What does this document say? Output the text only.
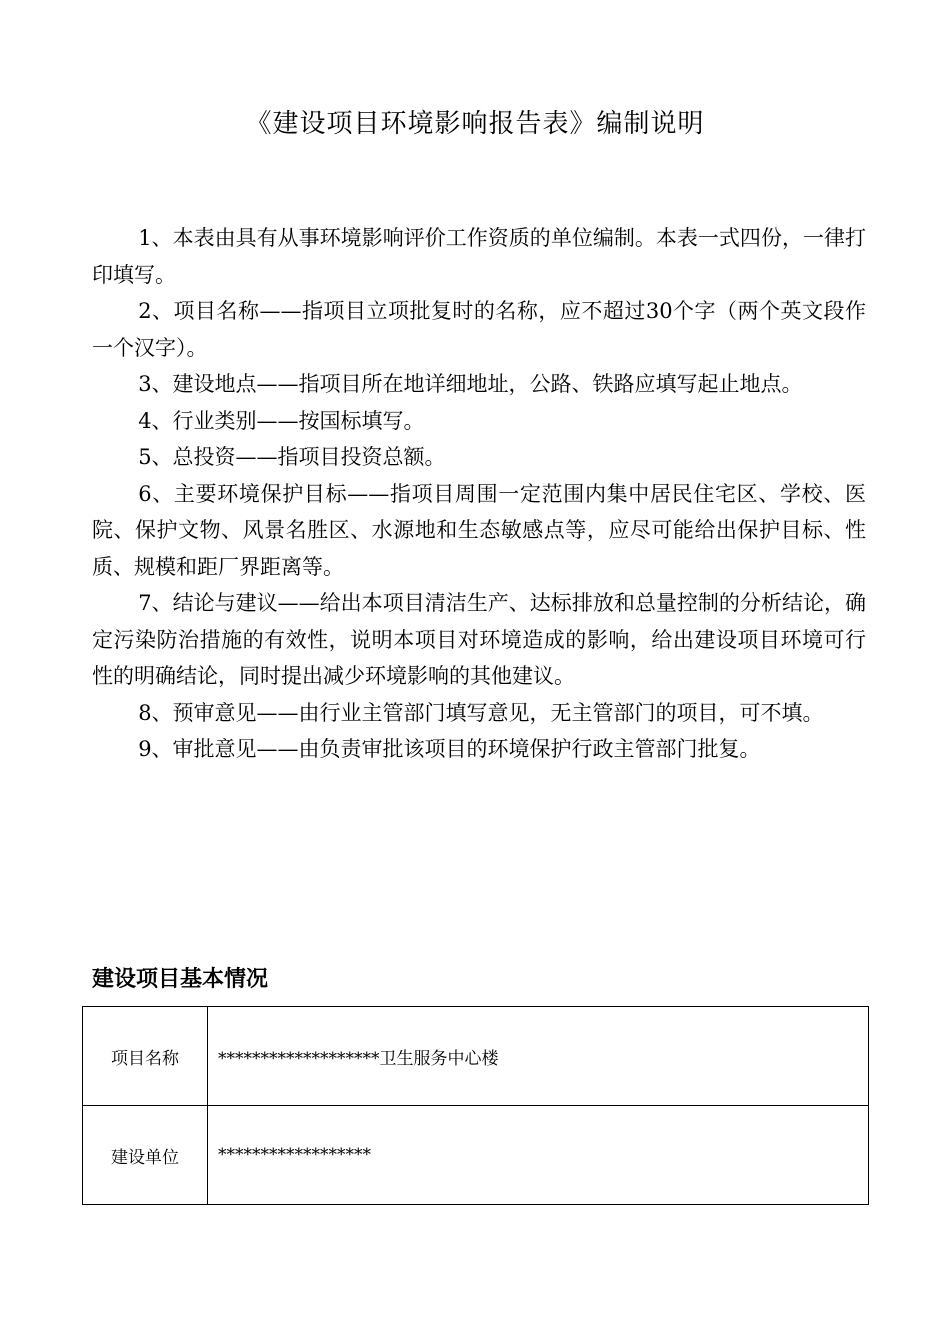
《建设项目环境影响报告表》编制说明

1、本表由具有从事环境影响评价工作资质的单位编制。本表一式四份，一律打印填写。

2、项目名称——指项目立项批复时的名称，应不超过30个字（两个英文段作一个汉字）。

3、建设地点——指项目所在地详细地址，公路、铁路应填写起止地点。

4、行业类别——按国标填写。

5、总投资——指项目投资总额。

6、主要环境保护目标——指项目周围一定范围内集中居民住宅区、学校、医院、保护文物、风景名胜区、水源地和生态敏感点等，应尽可能给出保护目标、性质、规模和距厂界距离等。

7、结论与建议——给出本项目清洁生产、达标排放和总量控制的分析结论，确定污染防治措施的有效性，说明本项目对环境造成的影响，给出建设项目环境可行性的明确结论，同时提出减少环境影响的其他建议。

8、预审意见——由行业主管部门填写意见，无主管部门的项目，可不填。

9、审批意见——由负责审批该项目的环境保护行政主管部门批复。

建设项目基本情况
项目名称	*******************卫生服务中心楼
建设单位	******************
